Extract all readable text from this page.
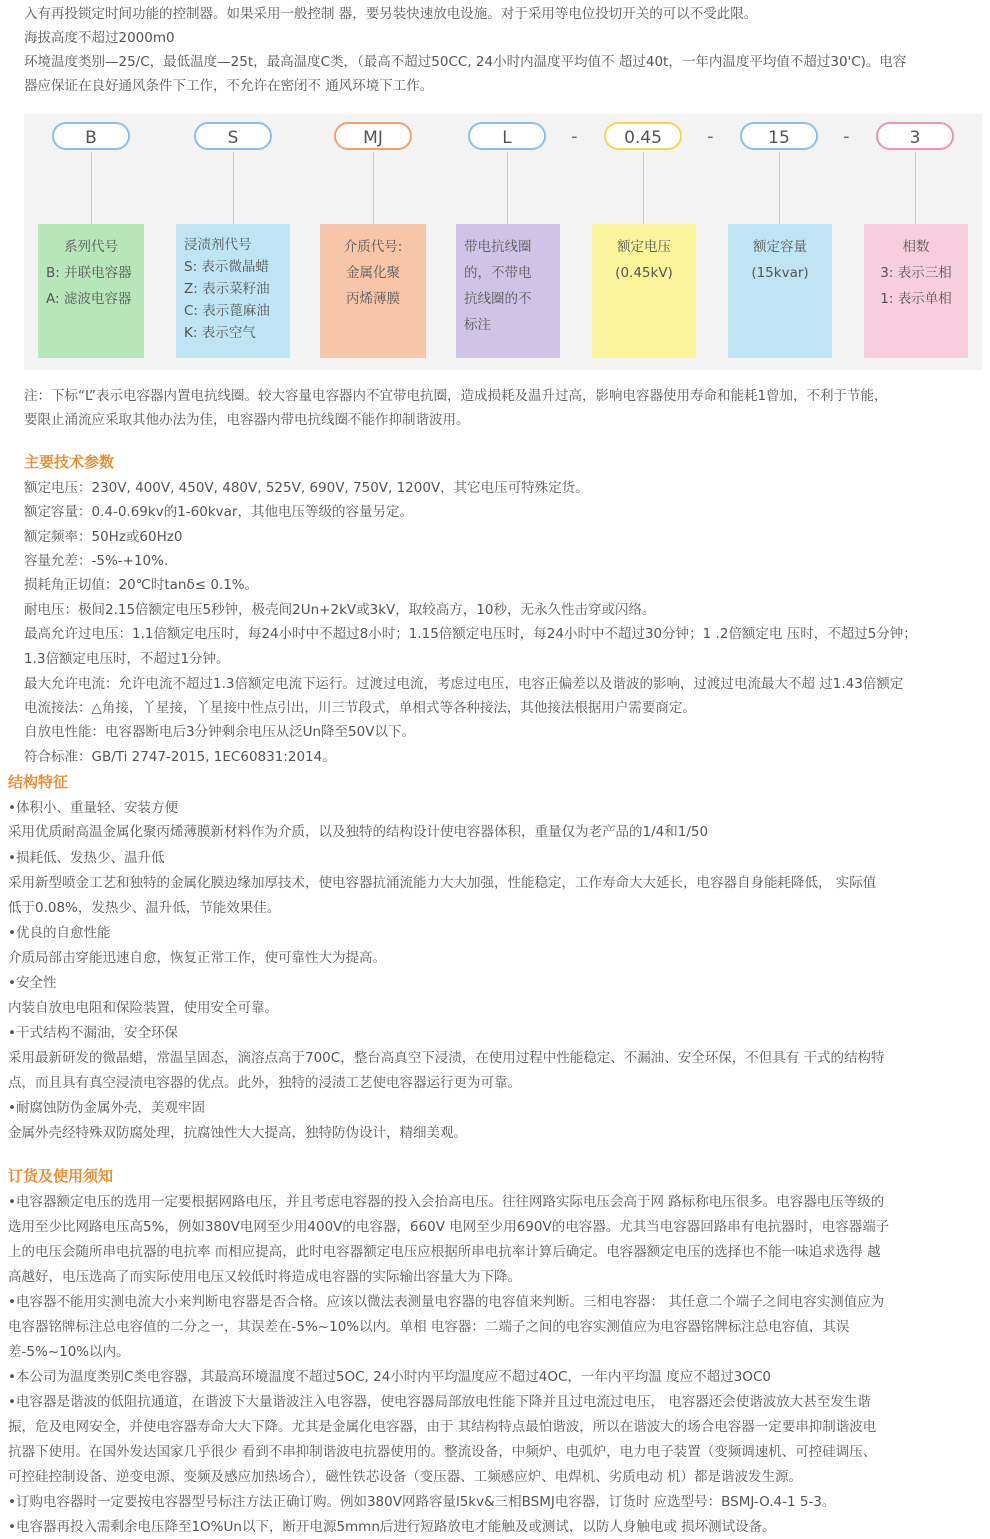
入有再投锁定时间功能的控制器。如果采用一般控制 器，要另装快速放电设施。对于采用等电位投切开关的可以不受此限。
海拔高度不超过2000m0
环境温度类别—25/C，最低温度—25t，最高温度C类，（最高不超过50CC, 24小时内温度平均值不 超过40t，一年内温度平均值不超过30'C)。电容
器应保证在良好通风条件下工作，不允许在密闭不 通风环境下工作。
B	S	MJ	L	0.45	15	3
-	-	-
系列代号
B: 并联电容器
A: 滤波电容器
浸渍剂代号
S: 表示微晶蜡
Z: 表示菜籽油
C: 表示蓖麻油
K: 表示空气
介质代号:
金属化聚
丙烯薄膜
带电抗线圈
的，不带电
抗线圈的不
标注
额定电压
(0.45kV)
额定容量
(15kvar)
相数
3: 表示三相
1: 表示单相
注：下标“L”表示电容器内置电抗线圈。较大容量电容器内不宜带电抗圈，造成损耗及温升过高，影响电容器使用寿命和能耗1曾加，不利于节能，
要限止涌流应采取其他办法为佳，电容器内带电抗线圈不能作抑制谐波用。
主要技术参数
额定电压：230V, 400V, 450V, 480V, 525V, 690V, 750V, 1200V，其它电压可特殊定货。
额定容量：0.4-0.69kv的1-60kvar，其他电压等级的容量另定。
额定频率：50Hz或60Hz0
容量允差：-5%-+10%.
损耗角正切值：20℃时tanδ≤ 0.1%。
耐电压：极间2.15倍额定电压5秒钟，极壳间2Un+2kV或3kV，取较高方，10秒，无永久性击穿或闪络。
最高允许过电压：1.1倍额定电压时，每24小时中不超过8小时；1.15倍额定电压时，每24小时中不超过30分钟；1 .2倍额定电 压时，不超过5分钟；
1.3倍额定电压时，不超过1分钟。
最大允许电流：允许电流不超过1.3倍额定电流下运行。过渡过电流，考虑过电压，电容正偏差以及谐波的影响，过渡过电流最大不超 过1.43倍额定
电流接法：△角接，丫星接，丫星接中性点引出，川三节段式，单相式等各种接法，其他接法根据用户需要商定。
自放电性能：电容器断电后3分钟剩余电压从泛Un降至50V以下。
符合标准：GB/Ti 2747-2015, 1EC60831:2014。
结构特征
•体积小、重量轻、安装方便
采用优质耐高温金属化聚丙烯薄膜新材料作为介质，以及独特的结构设计使电容器体积，重量仅为老产品的1/4和1/50
•损耗低、发热少、温升低
采用新型喷金工艺和独特的金属化膜边缘加厚技术，使电容器抗涌流能力大大加强，性能稳定，工作寿命大大延长，电容器自身能耗降低， 实际值
低于0.08%，发热少、温升低，节能效果佳。
•优良的自愈性能
介质局部击穿能迅速自愈，恢复正常工作，使可靠性大为提高。
•安全性
内装自放电电阻和保险装置，使用安全可靠。
•干式结构不漏油，安全环保
采用最新研发的微晶蜡，常温呈固态，滴溶点高于700C，整台高真空下浸渍，在使用过程中性能稳定、不漏油、安全环保，不但具有 干式的结构特
点，而且具有真空浸渍电容器的优点。此外，独特的浸渍工艺使电容器运行更为可靠。
•耐腐蚀防伪金属外壳，美观牢固
金属外壳经特殊双防腐处理，抗腐蚀性大大提高，独特防伪设计，精细美观。
订货及使用须知
•电容器额定电压的选用一定要根据网路电压，并且考虑电容器的投入会抬高电压。往往网路实际电压会高于网 路标称电压很多。电容器电压等级的
选用至少比网路电压高5%，例如380V电网至少用400V的电容器，660V 电网至少用690V的电容器。尤其当电容器回路串有电抗器时，电容器端子
上的电压会随所串电抗器的电抗率 而相应提高，此时电容器额定电压应根据所串电抗率计算后确定。电容器额定电压的选择也不能一味追求选得 越
高越好，电压选高了而实际使用电压又较低时将造成电容器的实际输出容量大为下降。
•电容器不能用实测电流大小来判断电容器是否合格。应该以微法表测量电容器的电容值来判断。三相电容器： 其任意二个端子之间电容实测值应为
电容器铭牌标注总电容值的二分之一，其误差在-5%~10%以内。单相 电容器：二端子之间的电容实测值应为电容器铭牌标注总电容值，其误
差-5%~10%以内。
•本公司为温度类别C类电容器，其最高环境温度不超过5OC, 24小时内平均温度应不超过4OC，一年内平均温 度应不超过3OC0
•电容器是谐波的低阻抗通道，在谐波下大量谐波注入电容器，使电容器局部放电性能下降并且过电流过电压， 电容器还会使谐波放大甚至发生谐
振，危及电网安全，并使电容器寿命大大下降。尤其是金属化电容器，由于 其结构特点最怕谐波，所以在谐波大的场合电容器一定要串抑制谐波电
抗器下使用。在国外发达国家几乎很少 看到不串抑制谐波电抗器使用的。整流设备，中频炉、电弧炉，电力电子装置（变频调速机、可控硅调压、
可控硅控制设备、逆变电源、变频及感应加热场合），磁性铁芯设备（变压器、工频感应炉、电焊机、劣质电动 机）都是谐波发生源。
•订购电容器时一定要按电容器型号标注方法正确订购。例如380V网路容量l5kv&三相BSMJ电容器，订货时 应选型号：BSMJ-O.4-1 5-3。
•电容器再投入需剩余电压降至1O%Un以下，断开电源5mmn后进行短路放电才能触及或测试，以防人身触电或 损坏测试设备。
